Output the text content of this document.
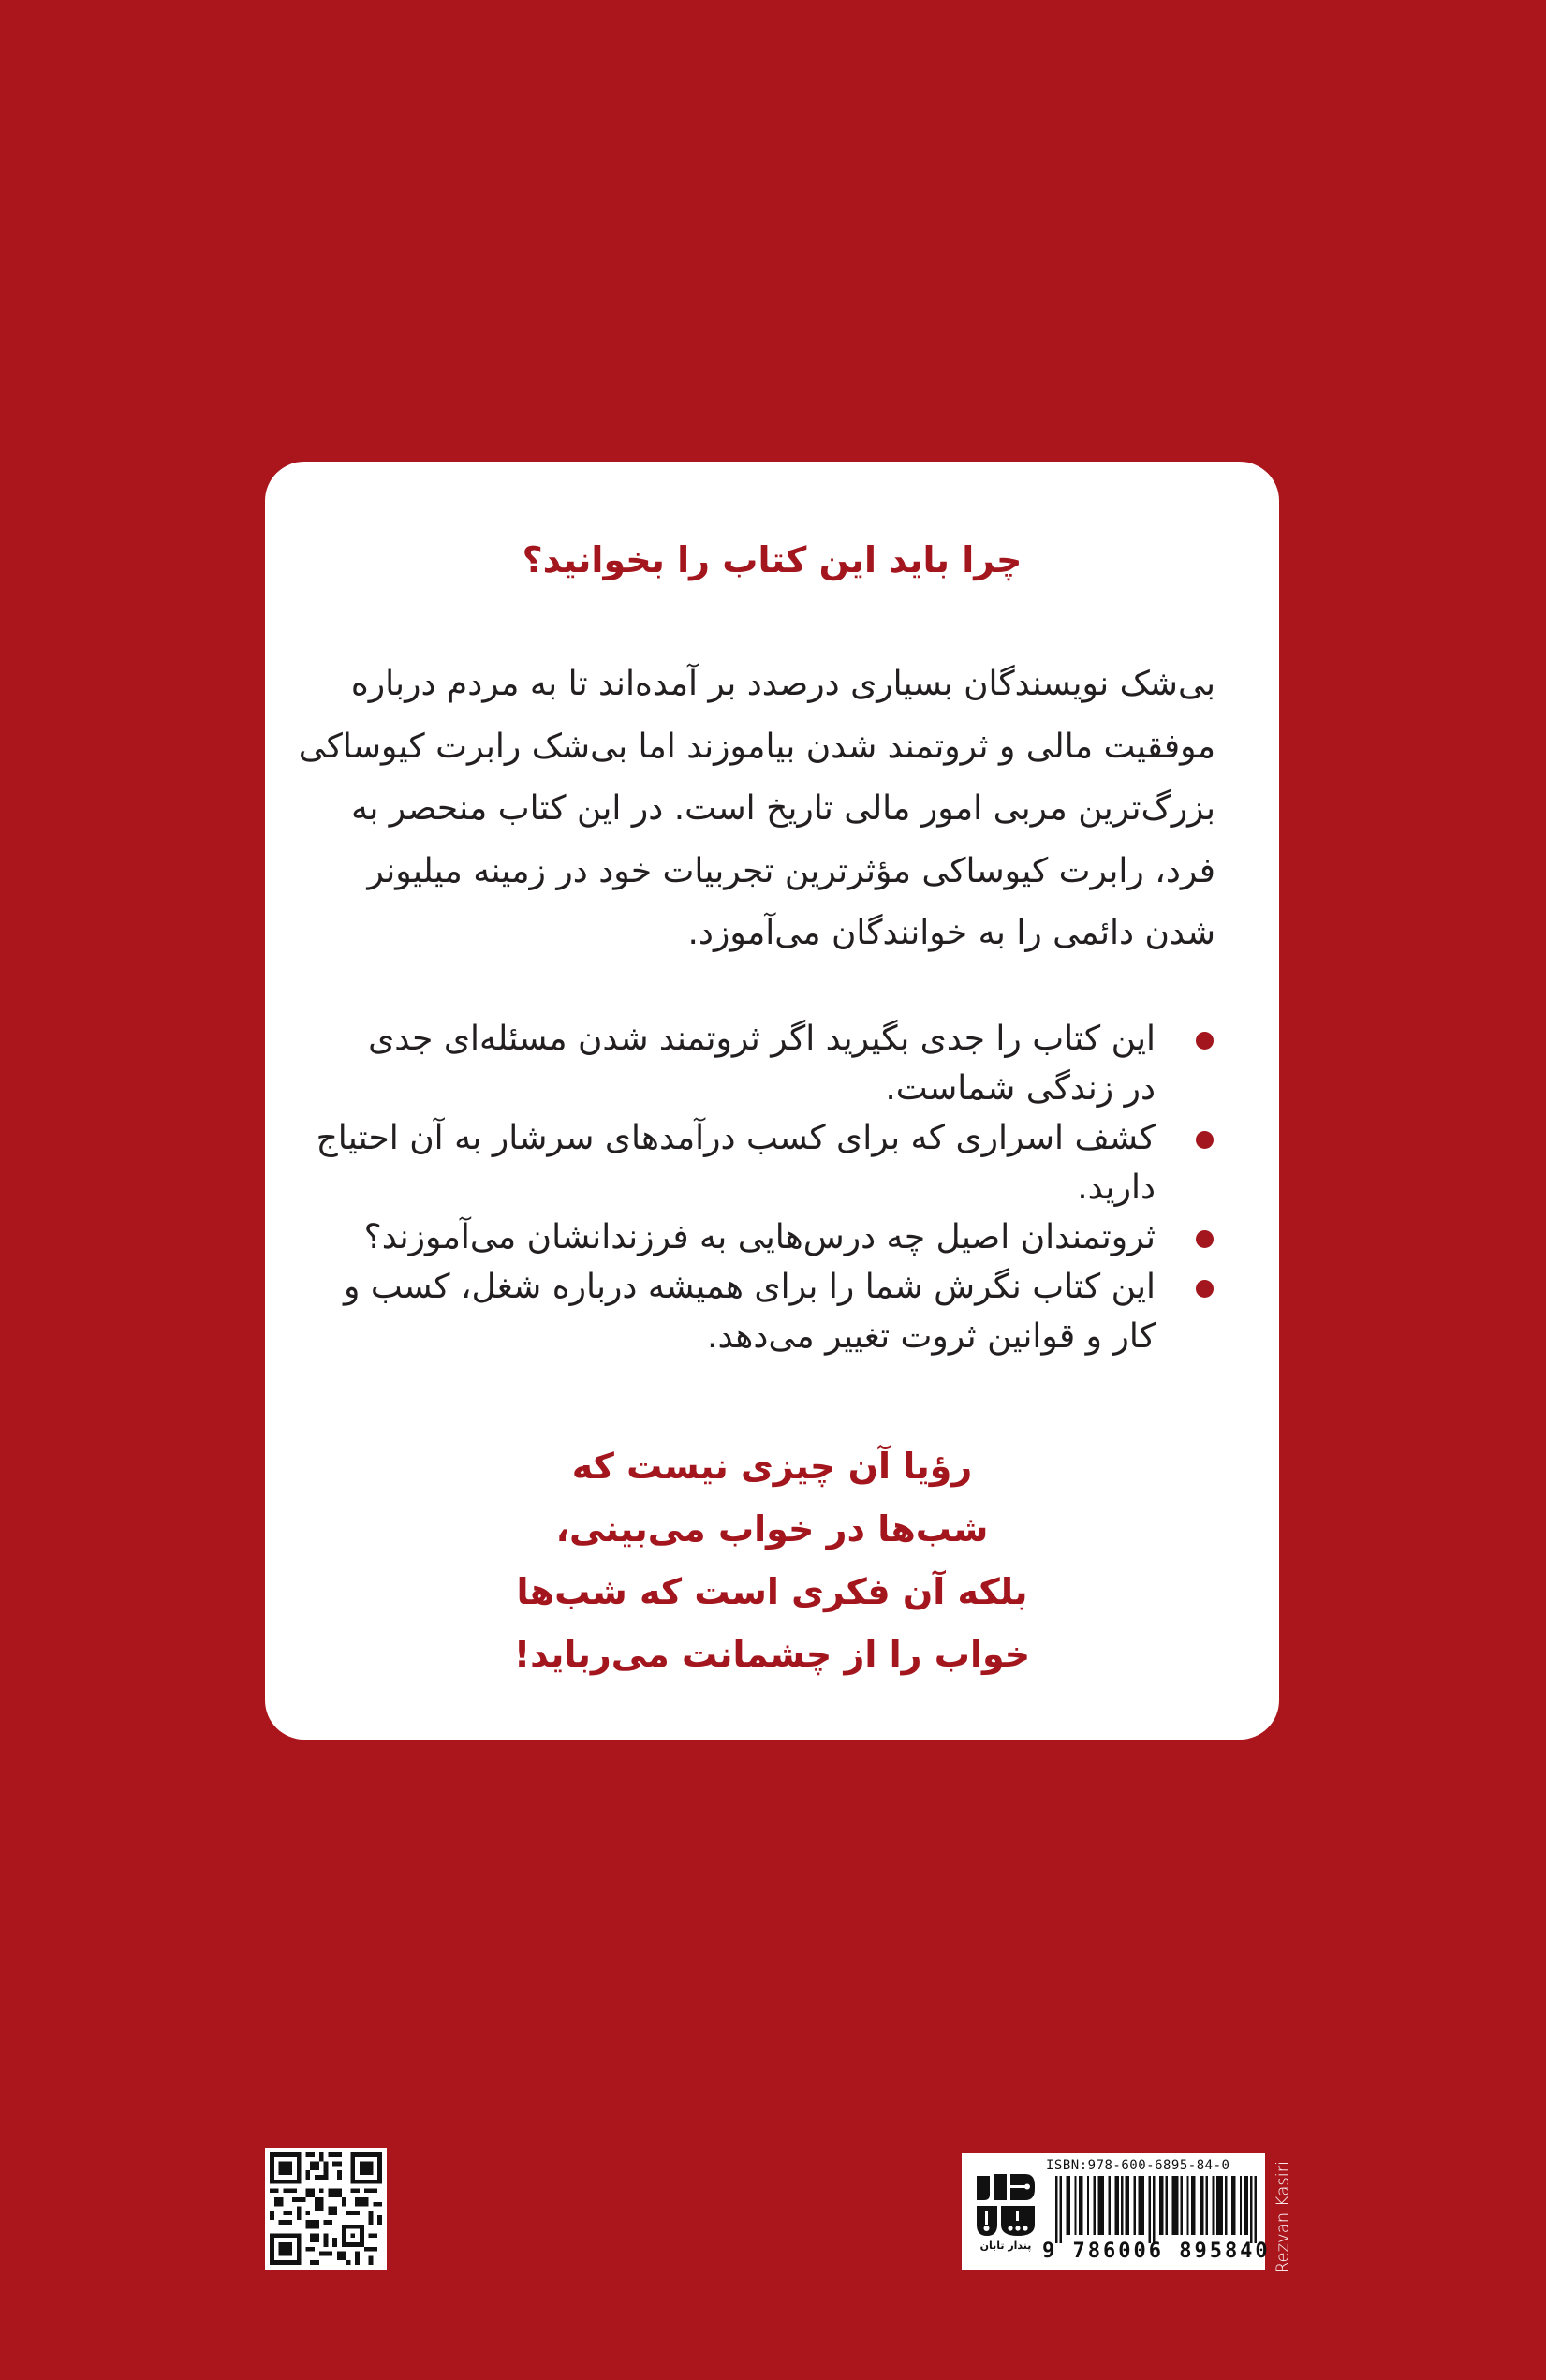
چرا باید این کتاب را بخوانید؟
بی‌شک نویسندگان بسیاری درصدد بر آمده‌اند تا به مردم درباره
موفقیت مالی و ثروتمند شدن بیاموزند اما بی‌شک رابرت کیوساکی
بزرگ‌ترین مربی امور مالی تاریخ است. در این کتاب منحصر به
فرد، رابرت کیوساکی مؤثرترین تجربیات خود در زمینه میلیونر
شدن دائمی را به خوانندگان می‌آموزد.
این کتاب را جدی بگیرید اگر ثروتمند شدن مسئله‌ای جدی
در زندگی شماست.
کشف اسراری که برای کسب درآمدهای سرشار به آن احتیاج
دارید.
ثروتمندان اصیل چه درس‌هایی به فرزندانشان می‌آموزند؟
این کتاب نگرش شما را برای همیشه درباره شغل، کسب و
کار و قوانین ثروت تغییر می‌دهد.
رؤیا آن چیزی نیست که
شب‌ها در خواب می‌بینی،
بلکه آن فکری است که شب‌ها
خواب را از چشمانت می‌رباید!
پندار تابان
ISBN:978-600-6895-84-0
9 786006 895840 Rezvan Kasiri
